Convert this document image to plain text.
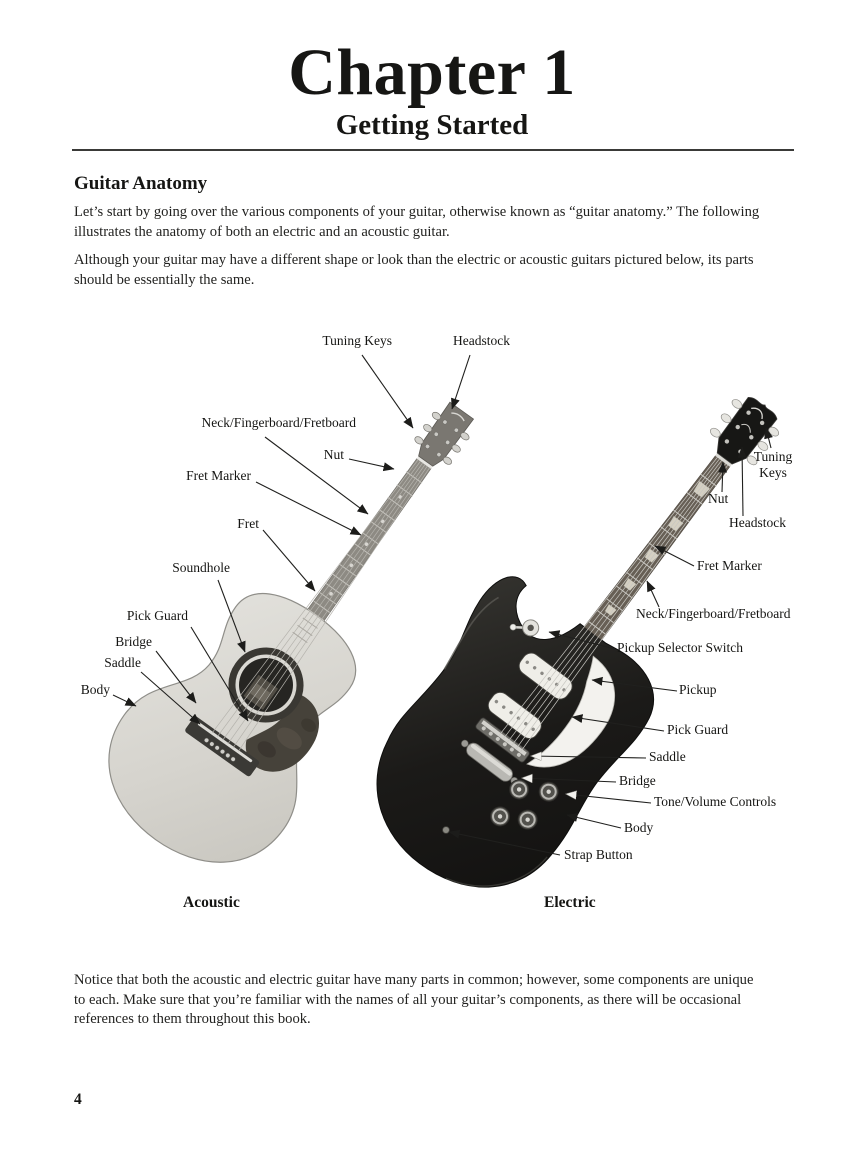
Chapter 1
Getting Started
Guitar Anatomy
Let’s start by going over the various components of your guitar, otherwise known as “guitar anatomy.” The following illustrates the anatomy of both an electric and an acoustic guitar.
Although your guitar may have a different shape or look than the electric or acoustic guitars pictured below, its parts should be essentially the same.
Tuning Keys	Headstock
Neck/Fingerboard/Fretboard
Nut
Fret Marker
Fret
Soundhole
Pick Guard
Bridge
Saddle
Body
Tuning Keys
Nut
Headstock
Fret Marker
Neck/Fingerboard/Fretboard
Pickup Selector Switch
Pickup
Pick Guard
Saddle
Bridge
Tone/Volume Controls
Body
Strap Button
Acoustic	Electric
Notice that both the acoustic and electric guitar have many parts in common; however, some components are unique to each. Make sure that you’re familiar with the names of all your guitar’s components, as there will be occasional references to them throughout this book.
4
